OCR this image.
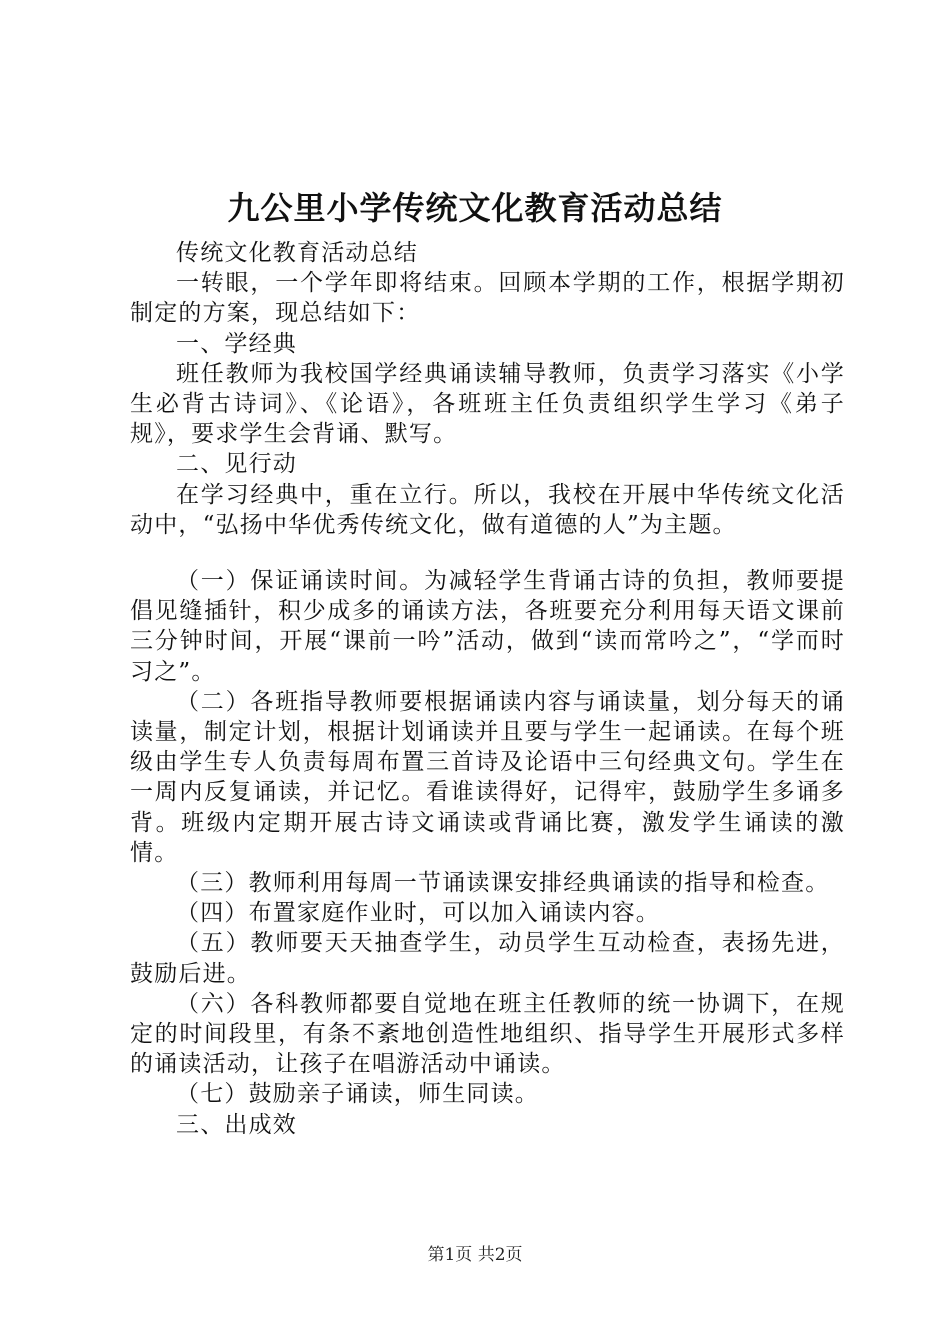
九公里小学传统文化教育活动总结

传统文化教育活动总结

一转眼，一个学年即将结束。回顾本学期的工作，根据学期初制定的方案，现总结如下：

一、学经典

班任教师为我校国学经典诵读辅导教师，负责学习落实《小学生必背古诗词》、《论语》，各班班主任负责组织学生学习《弟子规》，要求学生会背诵、默写。

二、见行动

在学习经典中，重在立行。所以，我校在开展中华传统文化活动中，“弘扬中华优秀传统文化，做有道德的人”为主题。

（一）保证诵读时间。为减轻学生背诵古诗的负担，教师要提倡见缝插针，积少成多的诵读方法，各班要充分利用每天语文课前三分钟时间，开展“课前一吟”活动，做到“读而常吟之”，“学而时习之”。

（二）各班指导教师要根据诵读内容与诵读量，划分每天的诵读量，制定计划，根据计划诵读并且要与学生一起诵读。在每个班级由学生专人负责每周布置三首诗及论语中三句经典文句。学生在一周内反复诵读，并记忆。看谁读得好，记得牢，鼓励学生多诵多背。班级内定期开展古诗文诵读或背诵比赛，激发学生诵读的激情。

（三）教师利用每周一节诵读课安排经典诵读的指导和检查。

（四）布置家庭作业时，可以加入诵读内容。

（五）教师要天天抽查学生，动员学生互动检查，表扬先进，鼓励后进。

（六）各科教师都要自觉地在班主任教师的统一协调下，在规定的时间段里，有条不紊地创造性地组织、指导学生开展形式多样的诵读活动，让孩子在唱游活动中诵读。

（七）鼓励亲子诵读，师生同读。

三、出成效

第1页 共2页
